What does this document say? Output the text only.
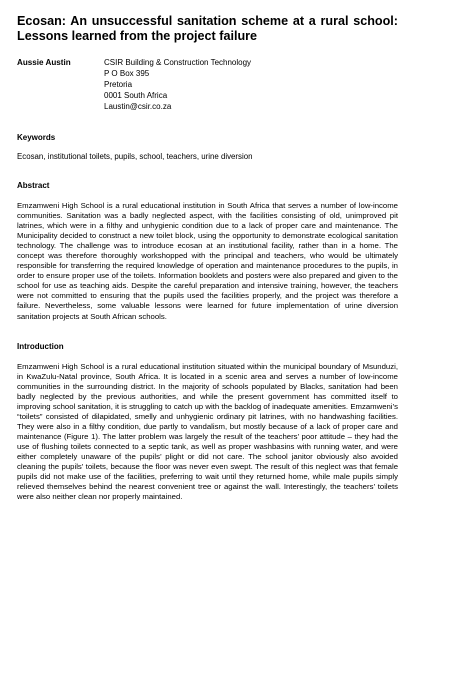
Ecosan: An unsuccessful sanitation scheme at a rural school: Lessons learned from the project failure
Aussie Austin	CSIR Building & Construction Technology
P O Box 395
Pretoria
0001 South Africa
Laustin@csir.co.za
Keywords

Ecosan, institutional toilets, pupils, school, teachers, urine diversion

Abstract

Emzamweni High School is a rural educational institution in South Africa that serves a number of low-income communities. Sanitation was a badly neglected aspect, with the facilities consisting of old, unimproved pit latrines, which were in a filthy and unhygienic condition due to a lack of proper care and maintenance. The Municipality decided to construct a new toilet block, using the opportunity to demonstrate ecological sanitation technology. The challenge was to introduce ecosan at an institutional facility, rather than in a home. The concept was therefore thoroughly workshopped with the principal and teachers, who would be ultimately responsible for transferring the required knowledge of operation and maintenance procedures to the pupils, in order to ensure proper use of the toilets. Information booklets and posters were also prepared and given to the school for use as teaching aids. Despite the careful preparation and intensive training, however, the teachers were not committed to ensuring that the pupils used the facilities properly, and the project was therefore a failure. Nevertheless, some valuable lessons were learned for future implementation of urine diversion sanitation projects at South African schools.

Introduction

Emzamweni High School is a rural educational institution situated within the municipal boundary of Msunduzi, in KwaZulu-Natal province, South Africa. It is located in a scenic area and serves a number of low-income communities in the surrounding district. In the majority of schools populated by Blacks, sanitation had been badly neglected by the previous authorities, and while the present government has committed itself to improving school sanitation, it is struggling to catch up with the backlog of inadequate amenities. Emzamweni’s “toilets” consisted of dilapidated, smelly and unhygienic ordinary pit latrines, with no handwashing facilities. They were also in a filthy condition, due partly to vandalism, but mostly because of a lack of proper care and maintenance (Figure 1). The latter problem was largely the result of the teachers’ poor attitude – they had the use of flushing toilets connected to a septic tank, as well as proper washbasins with running water, and were either completely unaware of the pupils’ plight or did not care. The school janitor obviously also avoided cleaning the pupils’ toilets, because the floor was never even swept. The result of this neglect was that female pupils did not make use of the facilities, preferring to wait until they returned home, while male pupils simply relieved themselves behind the nearest convenient tree or against the wall. Interestingly, the teachers’ toilets were also neither clean nor properly maintained.
